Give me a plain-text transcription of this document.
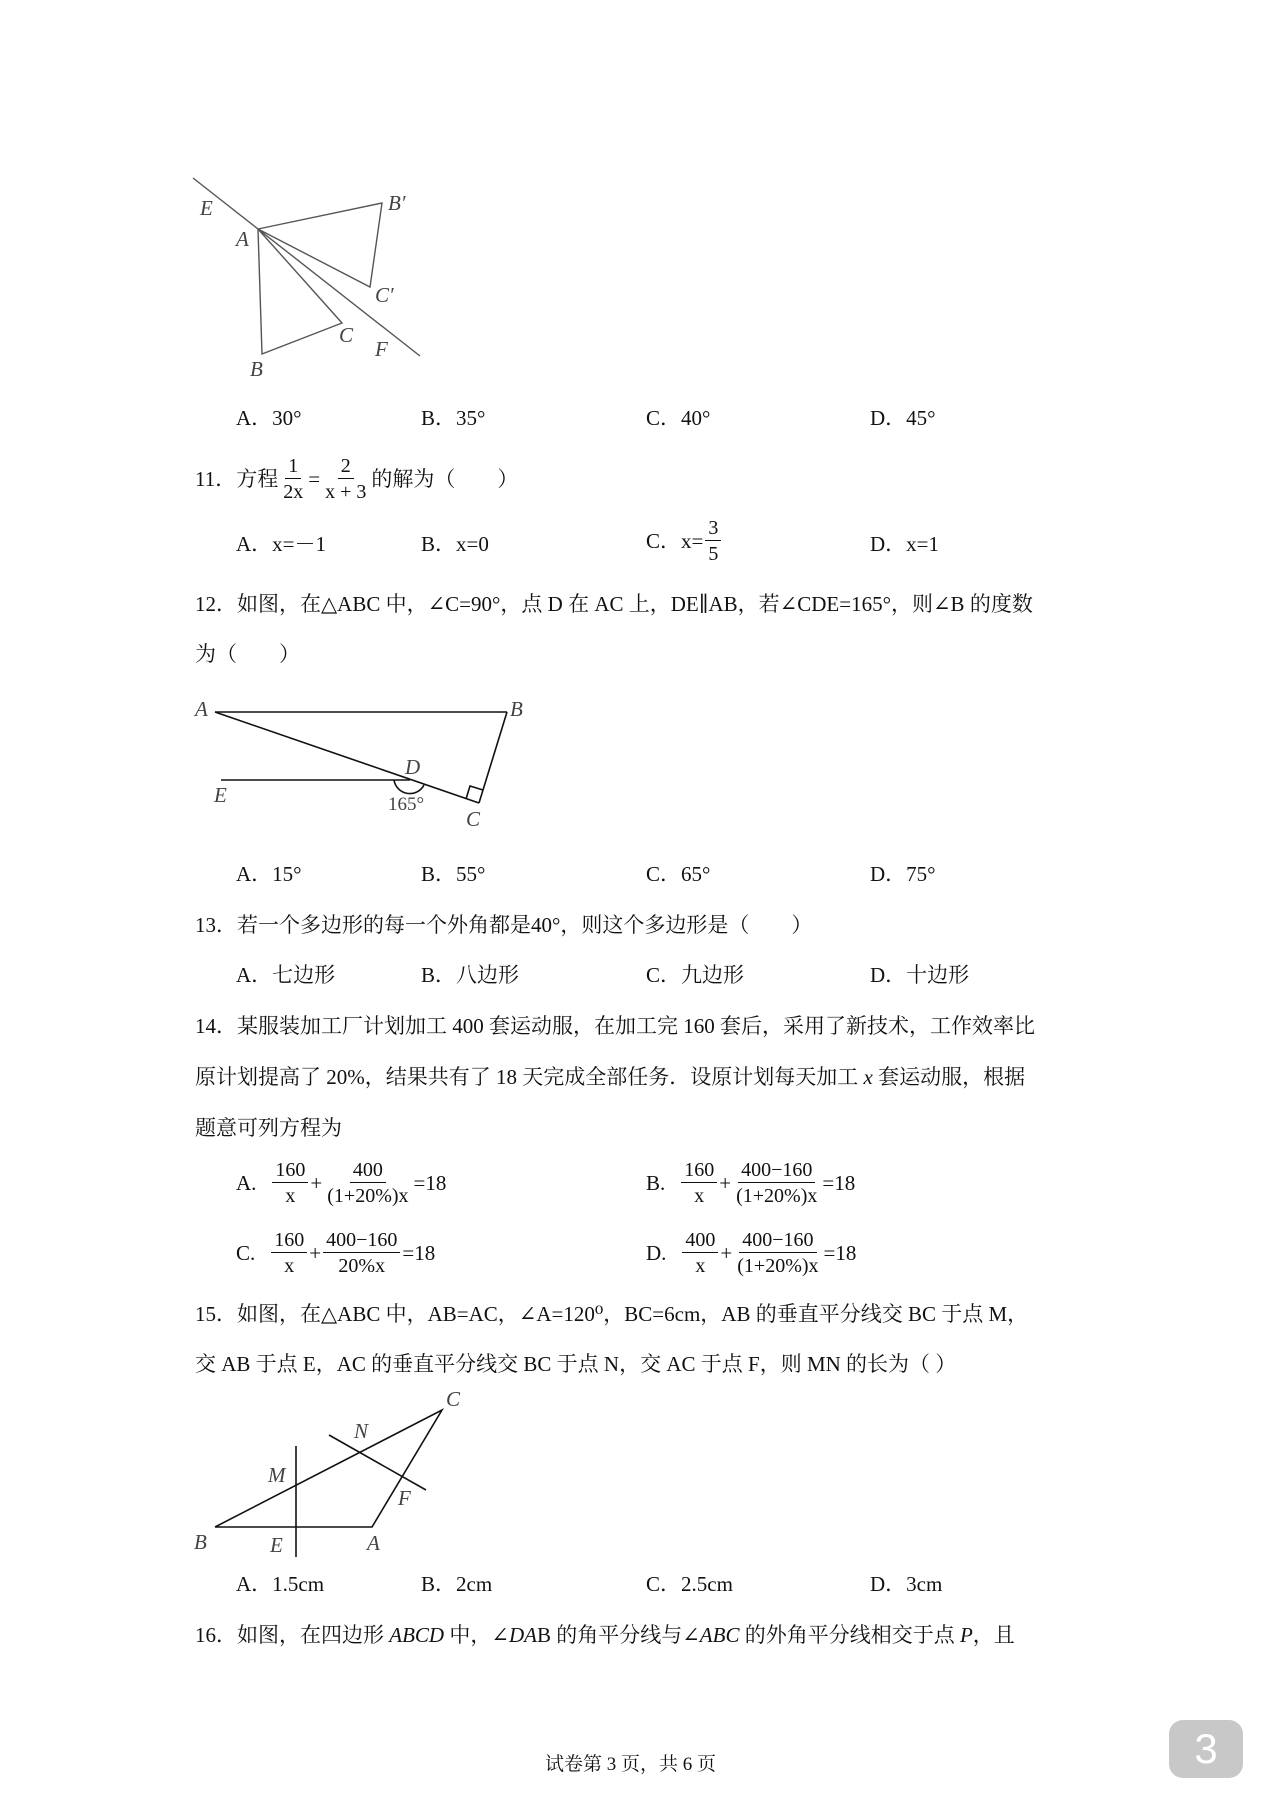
E
A
B′
C′
C
F
B
A	B
D
E
C
165°
C
N
M
F
B	E	A
A．30°	B．35°	C．40°	D．45°
11．方程 $\frac{1}{2x} = \frac{2}{x + 3}$ 的解为（　　）
A．x=－1	B．x=0	C．$x= \frac{3}{5}$	D．x=1
12．如图，在△ABC 中，∠C=90°，点 D 在 AC 上，DE∥AB，若∠CDE=165°，则∠B 的度数
为（　　）
A．15°	B．55°	C．65°	D．75°
13．若一个多边形的每一个外角都是40°，则这个多边形是（　　）
A．七边形	B．八边形	C．九边形	D．十边形
14．某服装加工厂计划加工 400 套运动服，在加工完 160 套后，采用了新技术，工作效率比
原计划提高了 20%，结果共有了 18 天完成全部任务．设原计划每天加工 x 套运动服，根据
题意可列方程为
A. $\frac{160}{x} + \frac{400}{(1+20\%)x} =18$	B. $\frac{160}{x} + \frac{400-160}{(1+20\%)x} =18$
C. $\frac{160}{x} + \frac{400-160}{20\%x} =18$	D. $\frac{400}{x} + \frac{400-160}{(1+20\%)x} =18$
15．如图，在△ABC 中，AB=AC，∠A=120⁰，BC=6cm，AB 的垂直平分线交 BC 于点 M，
交 AB 于点 E，AC 的垂直平分线交 BC 于点 N，交 AC 于点 F，则 MN 的长为（ ）
A．1.5cm	B．2cm	C．2.5cm	D．3cm
16．如图，在四边形 ABCD 中，∠DAB 的角平分线与∠ABC 的外角平分线相交于点 P，且
试卷第 3 页，共 6 页	3
